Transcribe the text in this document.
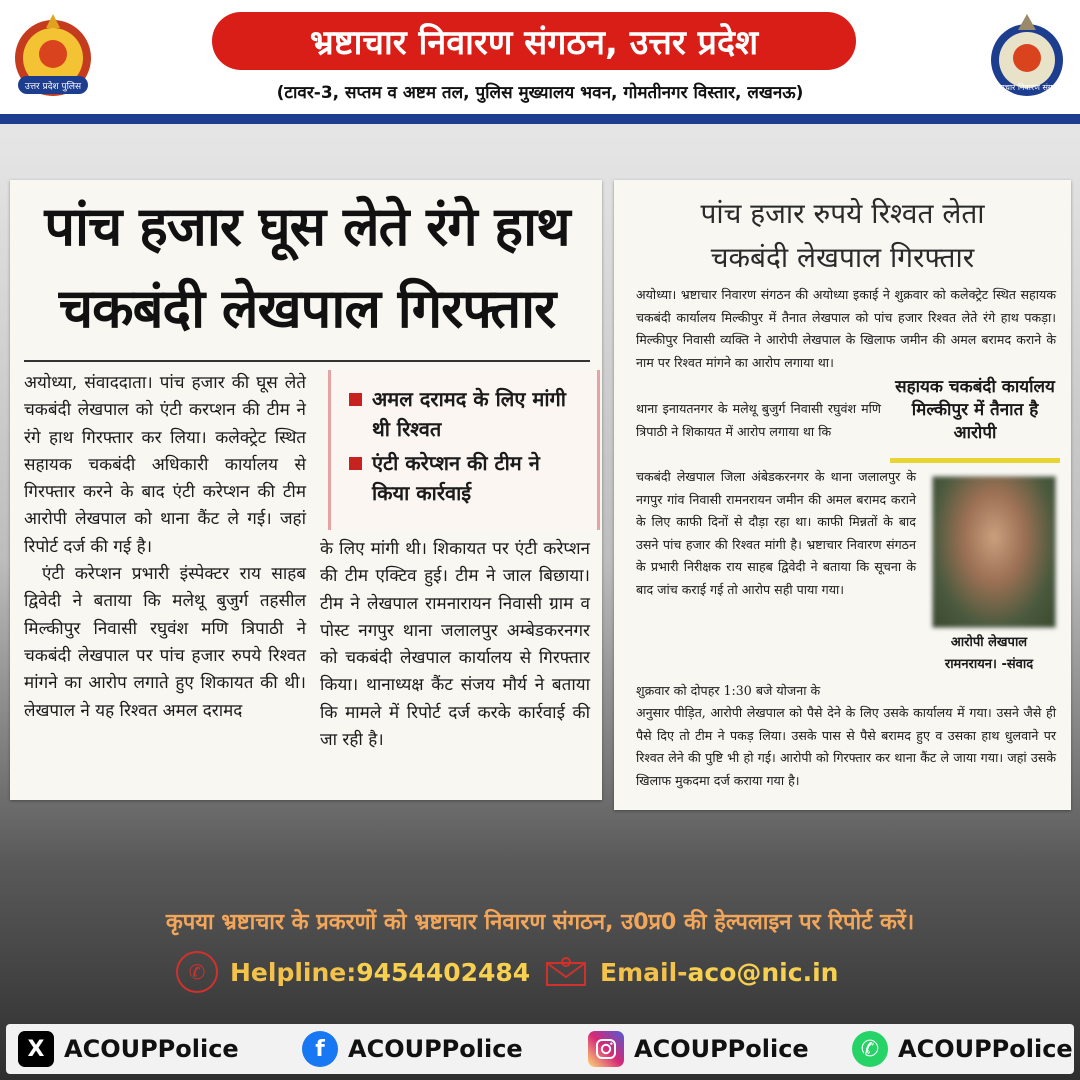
उत्तर प्रदेश पुलिस
भ्रष्टाचार निवारण संगठन, उत्तर प्रदेश
(टावर-3, सप्तम व अष्टम तल, पुलिस मुख्यालय भवन, गोमतीनगर विस्तार, लखनऊ)	भ्रष्टाचार निवारण संगठन
पांच हजार घूस लेते रंगे हाथ
चकबंदी लेखपाल गिरफ्तार
अयोध्या, संवाददाता। पांच हजार की घूस लेते चकबंदी लेखपाल को एंटी करप्शन की टीम ने रंगे हाथ गिरफ्तार कर लिया। कलेक्ट्रेट स्थित सहायक चकबंदी अधिकारी कार्यालय से गिरफ्तार करने के बाद एंटी करेप्शन की टीम आरोपी लेखपाल को थाना कैंट ले गई। जहां रिपोर्ट दर्ज की गई है।
एंटी करेप्शन प्रभारी इंस्पेक्टर राय साहब द्विवेदी ने बताया कि मलेथू बुजुर्ग तहसील मिल्कीपुर निवासी रघुवंश मणि त्रिपाठी ने चकबंदी लेखपाल पर पांच हजार रुपये रिश्वत मांगने का आरोप लगाते हुए शिकायत की थी। लेखपाल ने यह रिश्वत अमल दरामद
अमल दरामद के लिए मांगी थी रिश्वत
एंटी करेप्शन की टीम ने किया कार्रवाई
के लिए मांगी थी। शिकायत पर एंटी करेप्शन की टीम एक्टिव हुई। टीम ने जाल बिछाया। टीम ने लेखपाल रामनारायन निवासी ग्राम व पोस्ट नगपुर थाना जलालपुर अम्बेडकरनगर को चकबंदी लेखपाल कार्यालय से गिरफ्तार किया। थानाध्यक्ष कैंट संजय मौर्य ने बताया कि मामले में रिपोर्ट दर्ज करके कार्रवाई की जा रही है।
पांच हजार रुपये रिश्वत लेता
चकबंदी लेखपाल गिरफ्तार
अयोध्या। भ्रष्टाचार निवारण संगठन की अयोध्या इकाई ने शुक्रवार को कलेक्ट्रेट स्थित सहायक चकबंदी कार्यालय मिल्कीपुर में तैनात लेखपाल को पांच हजार रिश्वत लेते रंगे हाथ पकड़ा। मिल्कीपुर निवासी व्यक्ति ने आरोपी लेखपाल के खिलाफ जमीन की अमल बरामद कराने के नाम पर रिश्वत मांगने का आरोप लगाया था।
थाना इनायतनगर के मलेथू बुजुर्ग निवासी रघुवंश मणि त्रिपाठी ने शिकायत में आरोप लगाया था कि
सहायक चकबंदी कार्यालय मिल्कीपुर में तैनात है आरोपी
चकबंदी लेखपाल जिला अंबेडकरनगर के थाना जलालपुर के नगपुर गांव निवासी रामनरायन जमीन की अमल बरामद कराने के लिए काफी दिनों से दौड़ा रहा था। काफी मिन्नतों के बाद उसने पांच हजार की रिश्वत मांगी है। भ्रष्टाचार निवारण संगठन के प्रभारी निरीक्षक राय साहब द्विवेदी ने बताया कि सूचना के बाद जांच कराई गई तो आरोप सही पाया गया।
आरोपी लेखपाल
रामनरायन। -संवाद
शुक्रवार को दोपहर 1:30 बजे योजना के
अनुसार पीड़ित, आरोपी लेखपाल को पैसे देने के लिए उसके कार्यालय में गया। उसने जैसे ही पैसे दिए तो टीम ने पकड़ लिया। उसके पास से पैसे बरामद हुए व उसका हाथ धुलवाने पर रिश्वत लेने की पुष्टि भी हो गई। आरोपी को गिरफ्तार कर थाना कैंट ले जाया गया। जहां उसके खिलाफ मुकदमा दर्ज कराया गया है।
कृपया भ्रष्टाचार के प्रकरणों को भ्रष्टाचार निवारण संगठन, उ0प्र0 की हेल्पलाइन पर रिपोर्ट करें।
✆ Helpline: 9454402484	Email- aco@nic.in
X ACOUPPolice	f ACOUPPolice	ACOUPPolice	✆ ACOUPPolice
